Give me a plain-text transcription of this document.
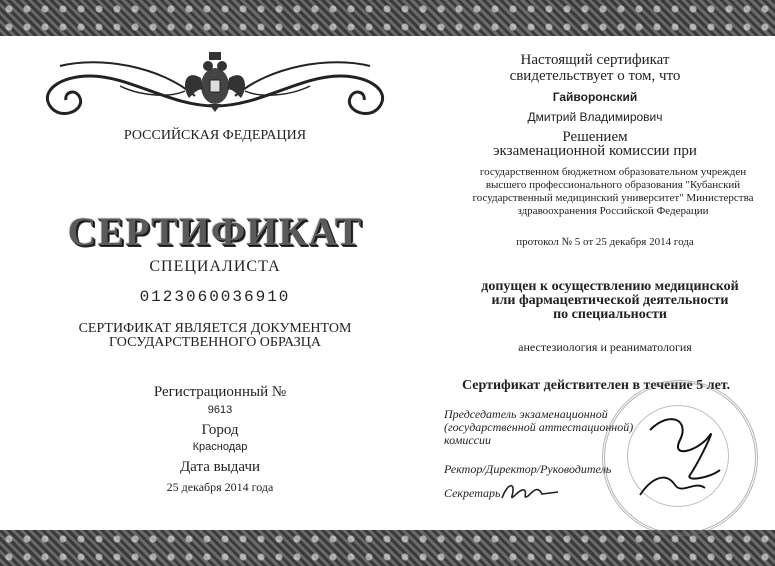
РОССИЙСКАЯ ФЕДЕРАЦИЯ
СЕРТИФИКАТ
СПЕЦИАЛИСТА
0123060036910
СЕРТИФИКАТ ЯВЛЯЕТСЯ ДОКУМЕНТОМ
ГОСУДАРСТВЕННОГО ОБРАЗЦА
Регистрационный №
9613
Город
Краснодар
Дата выдачи
25 декабря 2014 года
Настоящий сертификат
свидетельствует о том, что
Гайворонский
Дмитрий Владимирович
Решением
экзаменационной комиссии при
государственном бюджетном образовательном учрежден
высшего профессионального образования "Кубанский
государственный медицинский университет" Министерства
здравоохранения Российской Федерации
протокол № 5 от 25 декабря 2014 года
допущен к осуществлению медицинской
или фармацевтической деятельности
по специальности
анестезиология и реаниматология
Сертификат действителен в течение 5 лет.
Председатель экзаменационной
(государственной аттестационной)
комиссии
Ректор/Директор/Руководитель
Секретарь
